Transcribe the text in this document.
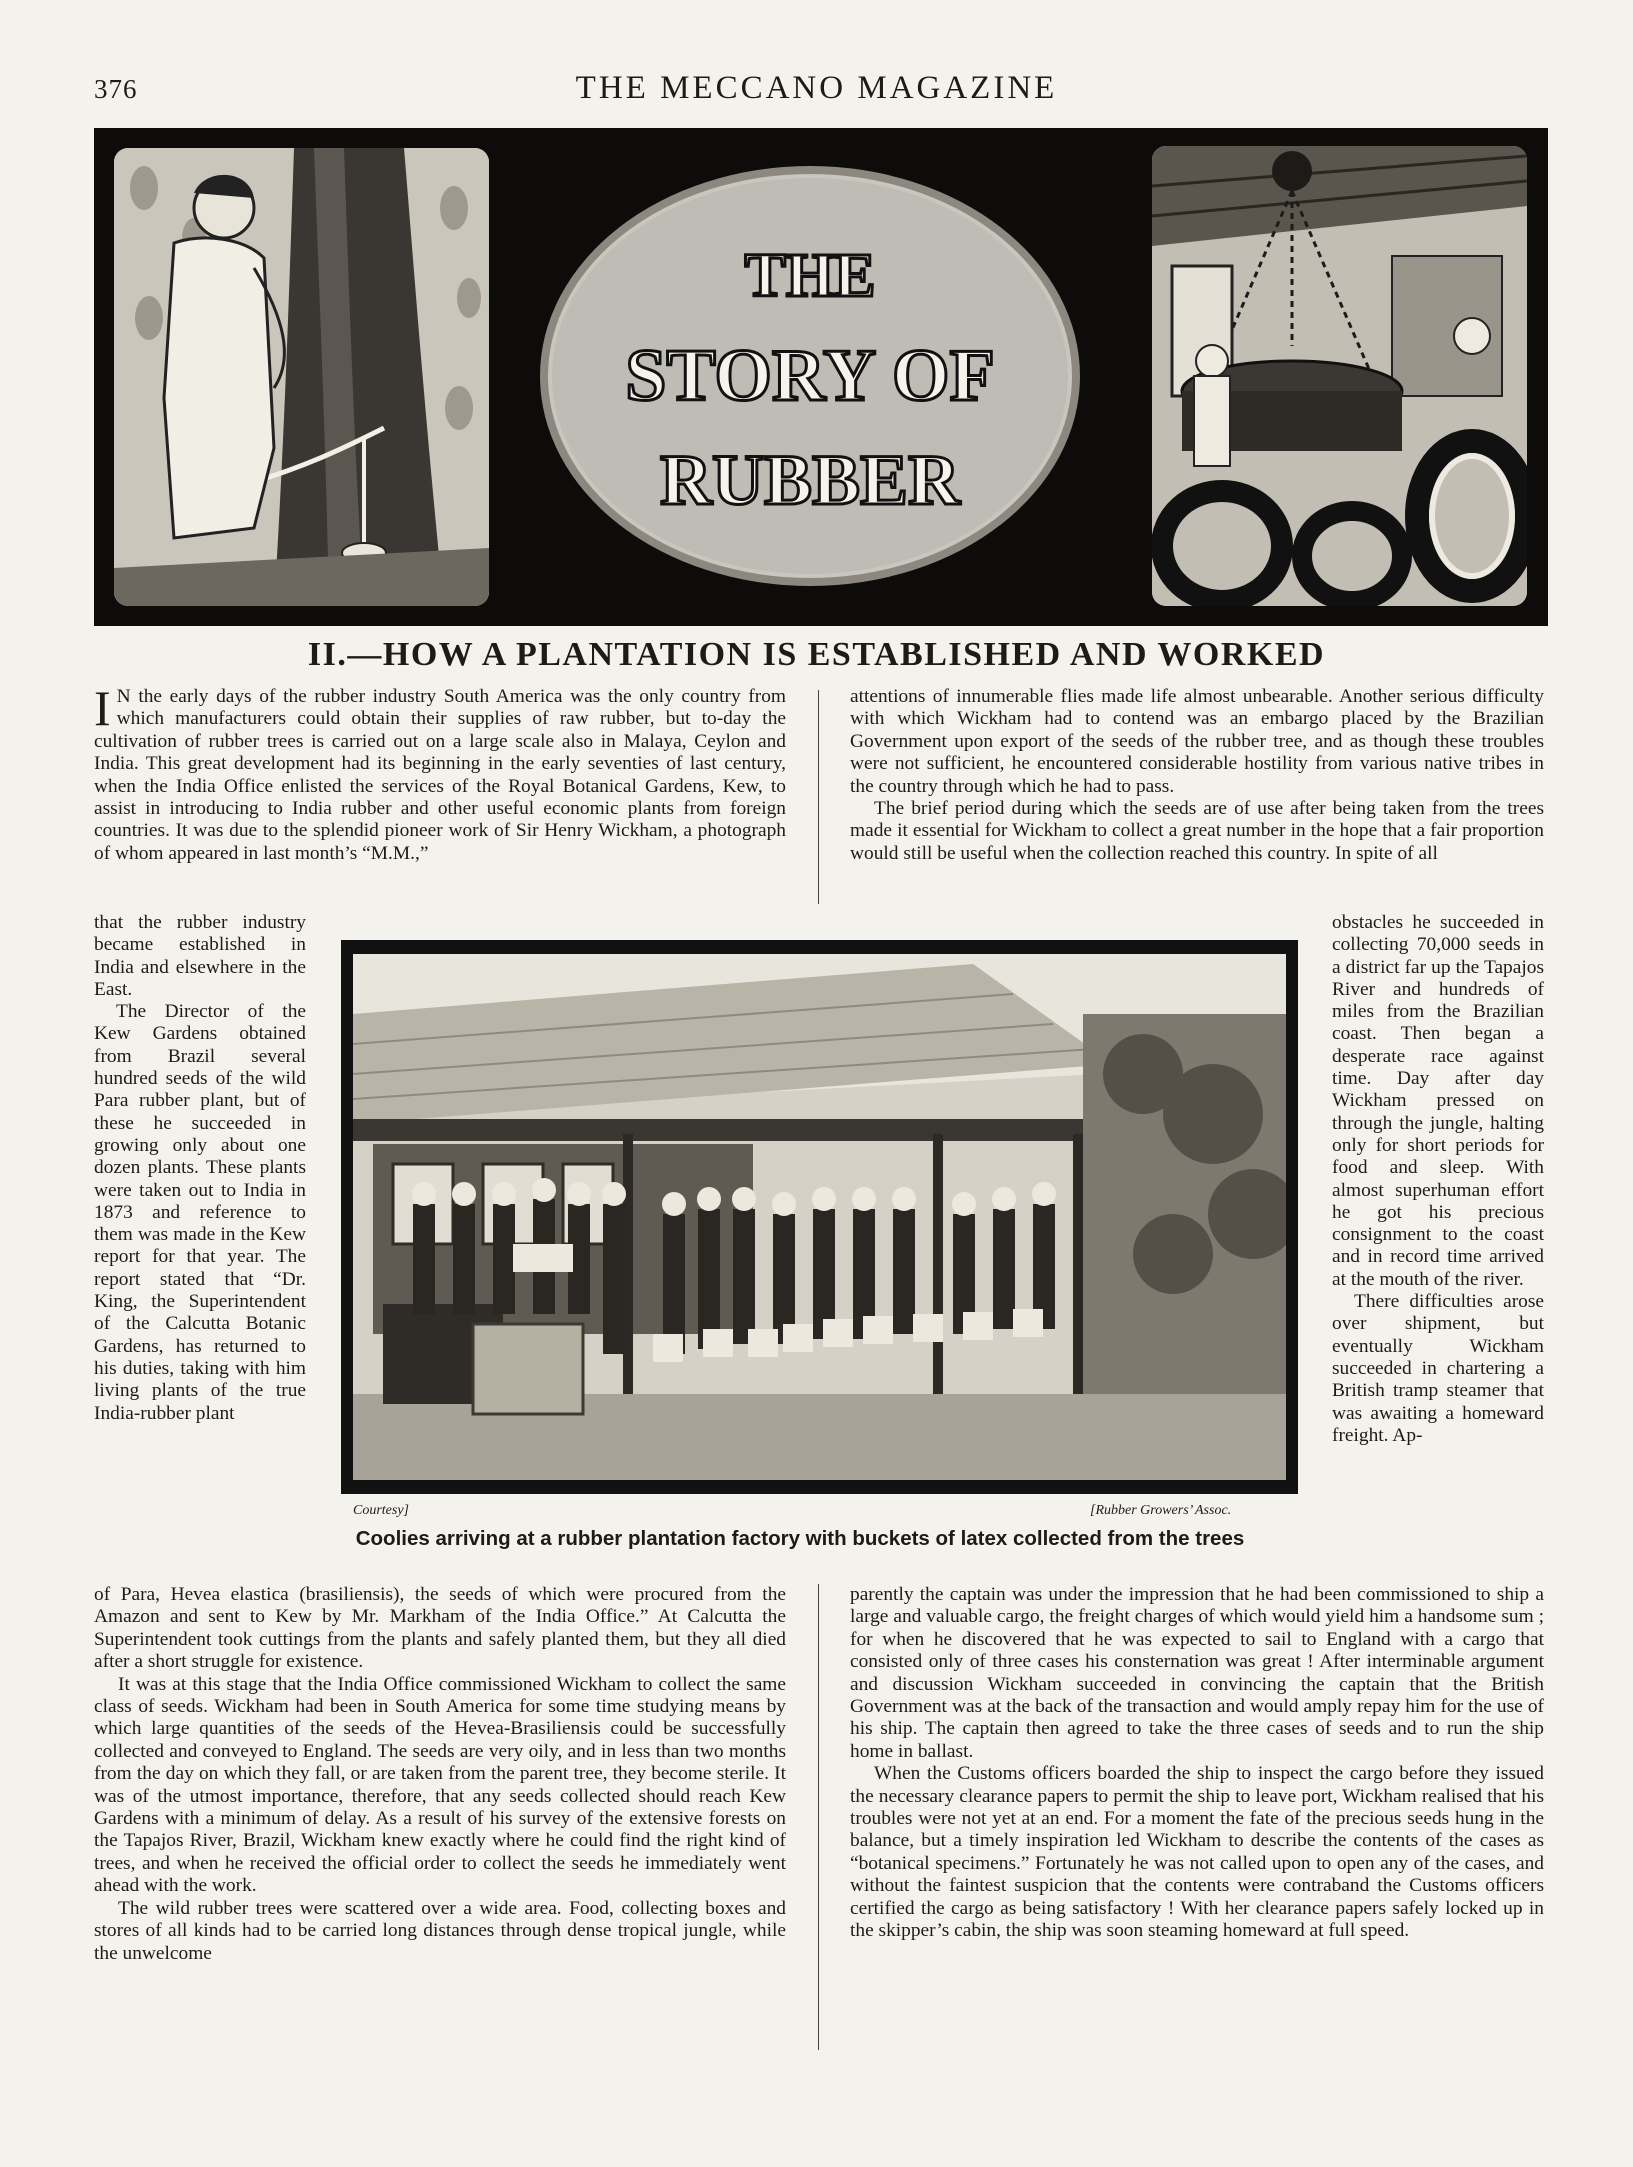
376	THE MECCANO MAGAZINE
THE
STORY OF
RUBBER
II.—HOW A PLANTATION IS ESTABLISHED AND WORKED

I N the early days of the rubber industry South America was the only country from which manufacturers could obtain their supplies of raw rubber, but to-day the cultivation of rubber trees is carried out on a large scale also in Malaya, Ceylon and India. This great development had its beginning in the early seventies of last century, when the India Office enlisted the services of the Royal Botanical Gardens, Kew, to assist in introducing to India rubber and other useful economic plants from foreign countries. It was due to the splendid pioneer work of Sir Henry Wickham, a photograph of whom appeared in last month’s “M.M.,”

that the rubber industry became established in India and elsewhere in the East.

The Director of the Kew Gardens obtained from Brazil several hundred seeds of the wild Para rubber plant, but of these he succeeded in growing only about one dozen plants. These plants were taken out to India in 1873 and reference to them was made in the Kew report for that year. The report stated that “Dr. King, the Superintendent of the Calcutta Botanic Gardens, has returned to his duties, taking with him living plants of the true India-rubber plant

of Para, Hevea elastica (brasiliensis), the seeds of which were procured from the Amazon and sent to Kew by Mr. Markham of the India Office.” At Calcutta the Superintendent took cuttings from the plants and safely planted them, but they all died after a short struggle for existence.

It was at this stage that the India Office commissioned Wickham to collect the same class of seeds. Wickham had been in South America for some time studying means by which large quantities of the seeds of the Hevea-Brasiliensis could be successfully collected and conveyed to England. The seeds are very oily, and in less than two months from the day on which they fall, or are taken from the parent tree, they become sterile. It was of the utmost importance, therefore, that any seeds collected should reach Kew Gardens with a minimum of delay. As a result of his survey of the extensive forests on the Tapajos River, Brazil, Wickham knew exactly where he could find the right kind of trees, and when he received the official order to collect the seeds he immediately went ahead with the work.

The wild rubber trees were scattered over a wide area. Food, collecting boxes and stores of all kinds had to be carried long distances through dense tropical jungle, while the unwelcome

attentions of innumerable flies made life almost unbearable. Another serious difficulty with which Wickham had to contend was an embargo placed by the Brazilian Government upon export of the seeds of the rubber tree, and as though these troubles were not sufficient, he encountered considerable hostility from various native tribes in the country through which he had to pass.

The brief period during which the seeds are of use after being taken from the trees made it essential for Wickham to collect a great number in the hope that a fair proportion would still be useful when the collection reached this country. In spite of all

obstacles he succeeded in collecting 70,000 seeds in a district far up the Tapajos River and hundreds of miles from the Brazilian coast. Then began a desperate race against time. Day after day Wickham pressed on through the jungle, halting only for short periods for food and sleep. With almost superhuman effort he got his precious consignment to the coast and in record time arrived at the mouth of the river.

There difficulties arose over shipment, but eventually Wickham succeeded in chartering a British tramp steamer that was awaiting a homeward freight. Ap-

parently the captain was under the impression that he had been commissioned to ship a large and valuable cargo, the freight charges of which would yield him a handsome sum ; for when he discovered that he was expected to sail to England with a cargo that consisted only of three cases his consternation was great ! After interminable argument and discussion Wickham succeeded in convincing the captain that the British Government was at the back of the transaction and would amply repay him for the use of his ship. The captain then agreed to take the three cases of seeds and to run the ship home in ballast.

When the Customs officers boarded the ship to inspect the cargo before they issued the necessary clearance papers to permit the ship to leave port, Wickham realised that his troubles were not yet at an end. For a moment the fate of the precious seeds hung in the balance, but a timely inspiration led Wickham to describe the contents of the cases as “botanical specimens.” Fortunately he was not called upon to open any of the cases, and without the faintest suspicion that the contents were contraband the Customs officers certified the cargo as being satisfactory ! With her clearance papers safely locked up in the skipper’s cabin, the ship was soon steaming homeward at full speed.

Courtesy]	[Rubber Growers’ Assoc.
Coolies arriving at a rubber plantation factory with buckets of latex collected from the trees
